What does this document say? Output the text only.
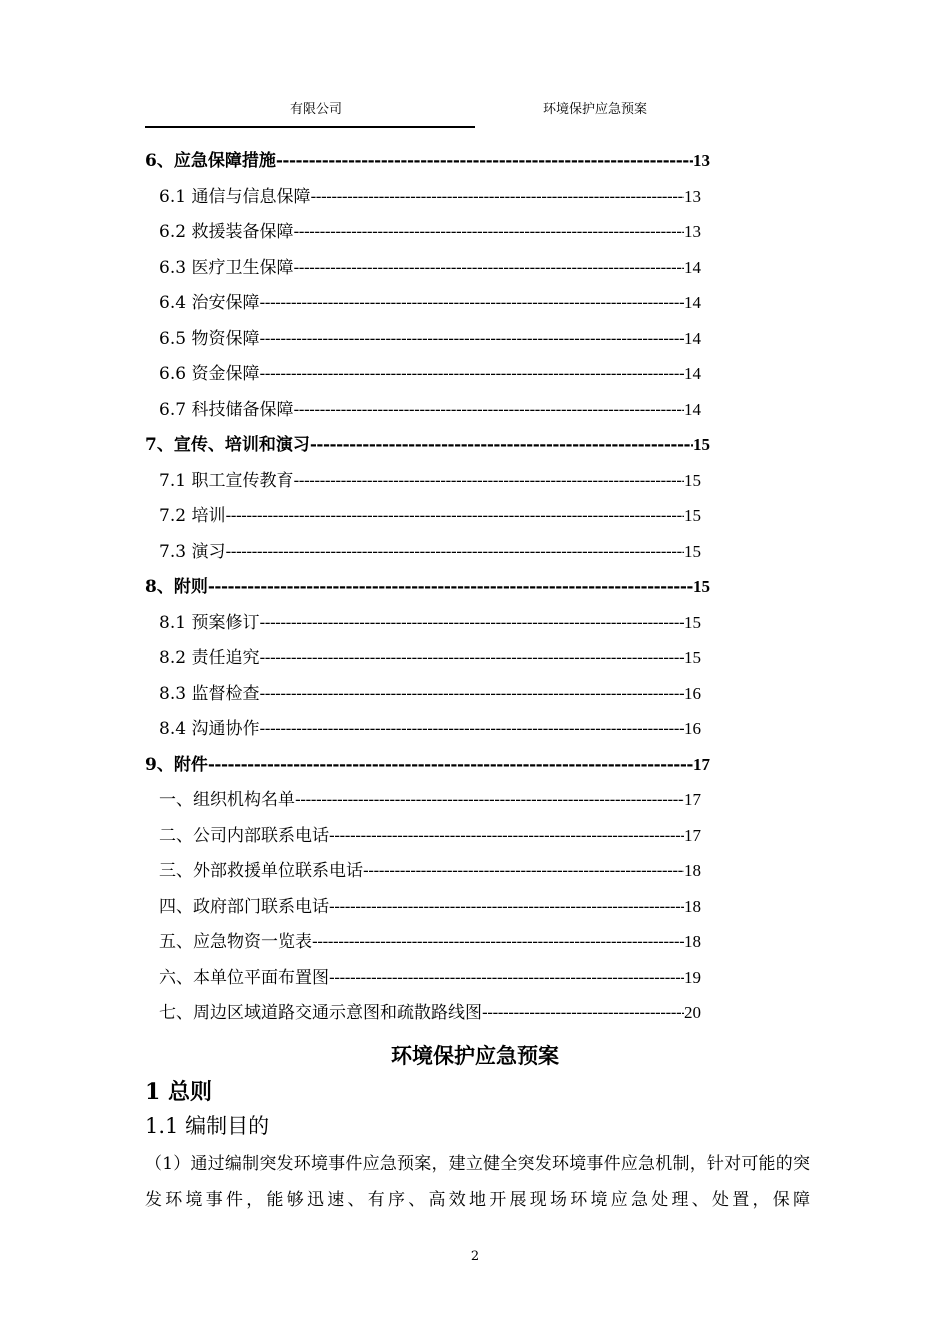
有限公司	环境保护应急预案
6、应急保障措施 -----	13
6.1 通信与信息保障 -----	13
6.2 救援装备保障 -----	13
6.3 医疗卫生保障 -----	14
6.4 治安保障 -----	14
6.5 物资保障 -----	14
6.6 资金保障 -----	14
6.7 科技储备保障 -----	14
7、宣传、培训和演习 -----	15
7.1 职工宣传教育 -----	15
7.2 培训 -----	15
7.3 演习 -----	15
8、附则 -----	15
8.1 预案修订 -----	15
8.2 责任追究 -----	15
8.3 监督检查 -----	16
8.4 沟通协作 -----	16
9、附件 -----	17
一、组织机构名单 -----	17
二、公司内部联系电话 -----	17
三、外部救援单位联系电话 -----	18
四、政府部门联系电话 -----	18
五、应急物资一览表 -----	18
六、本单位平面布置图 -----	19
七、周边区域道路交通示意图和疏散路线图 -----	20
环境保护应急预案
1 总则
1.1 编制目的
（1）通过编制突发环境事件应急预案，建立健全突发环境事件应急机制，针对可能的突发环境事件，能够迅速、有序、高效地开展现场环境应急处理、处置，保障
2
